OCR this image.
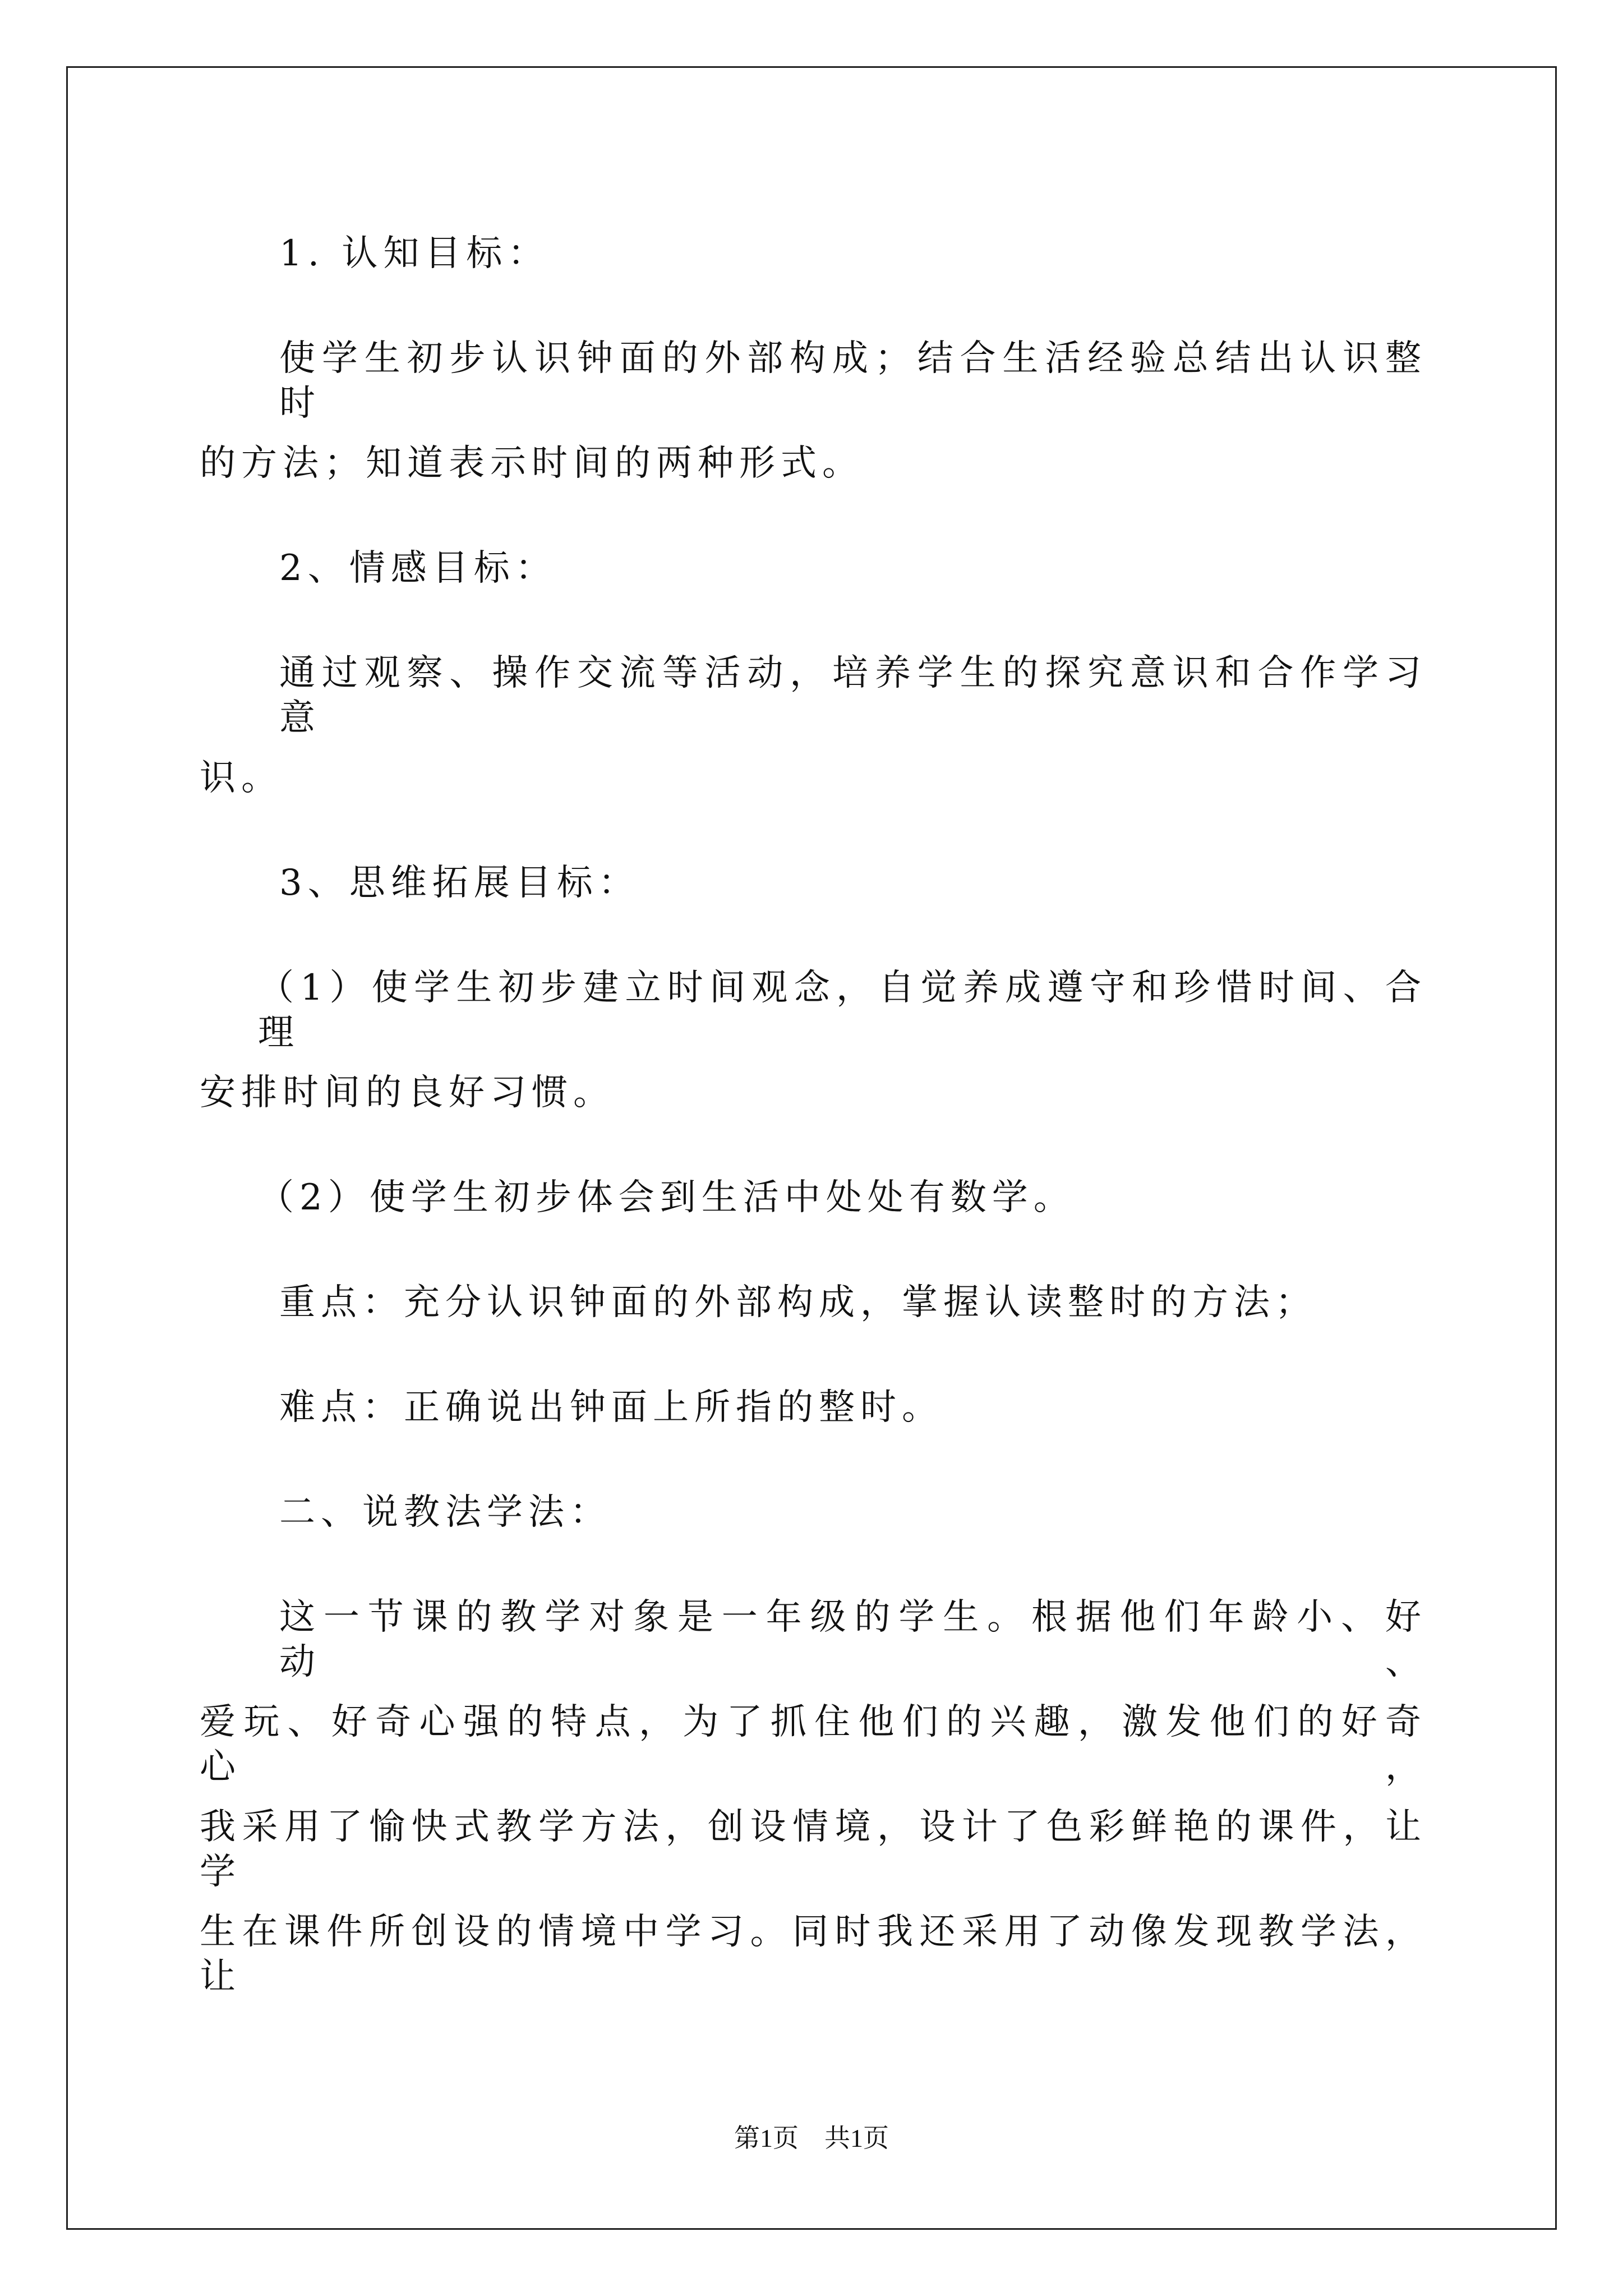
1. 认知目标：
使学生初步认识钟面的外部构成；结合生活经验总结出认识整时
的方法；知道表示时间的两种形式。
2、情感目标：
通过观察、操作交流等活动，培养学生的探究意识和合作学习意
识。
3、思维拓展目标：
（1）使学生初步建立时间观念，自觉养成遵守和珍惜时间、合理
安排时间的良好习惯。
（2）使学生初步体会到生活中处处有数学。
重点：充分认识钟面的外部构成，掌握认读整时的方法；
难点：正确说出钟面上所指的整时。
二、说教法学法：
这一节课的教学对象是一年级的学生。根据他们年龄小、好动、
爱玩、好奇心强的特点，为了抓住他们的兴趣，激发他们的好奇心，
我采用了愉快式教学方法，创设情境，设计了色彩鲜艳的课件，让学
生在课件所创设的情境中学习。同时我还采用了动像发现教学法，让
第1页 共1页
